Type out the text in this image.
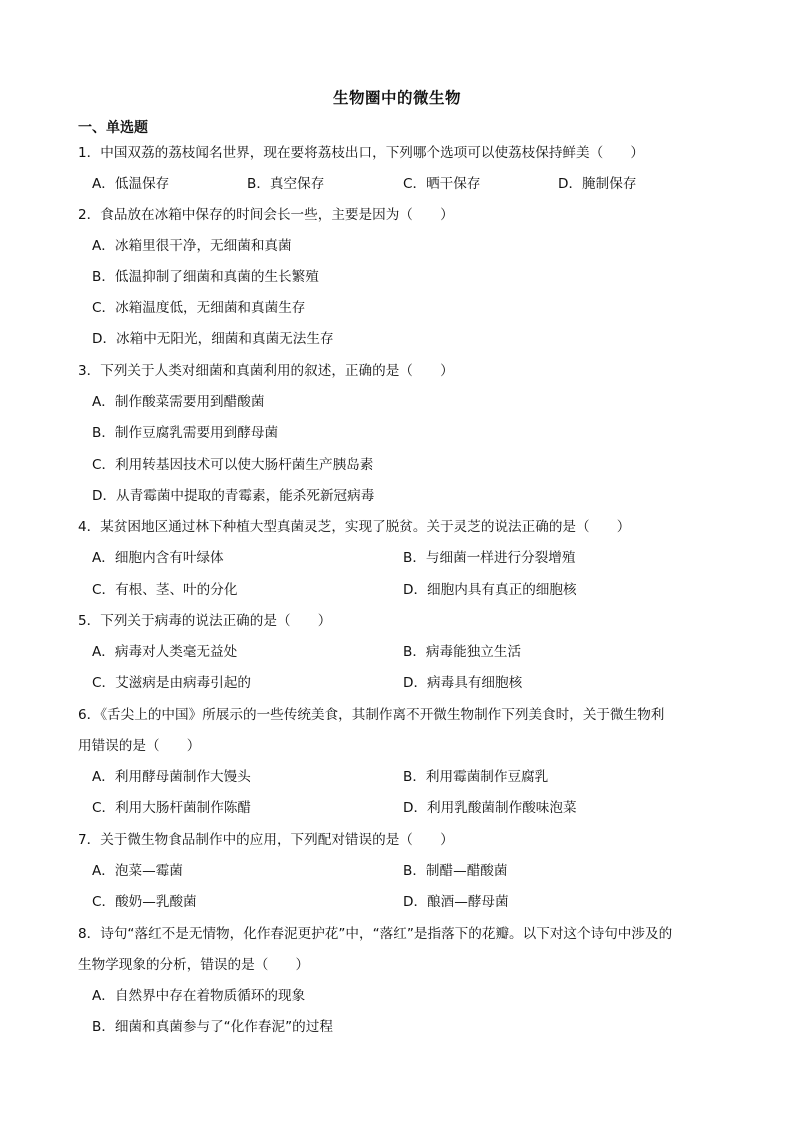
生物圈中的微生物
一、单选题
1．中国双荔的荔枝闻名世界，现在要将荔枝出口，下列哪个选项可以使荔枝保持鲜美（　　）
A．低温保存	B．真空保存	C．晒干保存	D．腌制保存
2．食品放在冰箱中保存的时间会长一些，主要是因为（　　）
A．冰箱里很干净，无细菌和真菌
B．低温抑制了细菌和真菌的生长繁殖
C．冰箱温度低，无细菌和真菌生存
D．冰箱中无阳光，细菌和真菌无法生存
3．下列关于人类对细菌和真菌利用的叙述，正确的是（　　）
A．制作酸菜需要用到醋酸菌
B．制作豆腐乳需要用到酵母菌
C．利用转基因技术可以使大肠杆菌生产胰岛素
D．从青霉菌中提取的青霉素，能杀死新冠病毒
4．某贫困地区通过林下种植大型真菌灵芝，实现了脱贫。关于灵芝的说法正确的是（　　）
A．细胞内含有叶绿体	B．与细菌一样进行分裂增殖
C．有根、茎、叶的分化	D．细胞内具有真正的细胞核
5．下列关于病毒的说法正确的是（　　）
A．病毒对人类毫无益处	B．病毒能独立生活
C．艾滋病是由病毒引起的	D．病毒具有细胞核
6．《舌尖上的中国》所展示的一些传统美食，其制作离不开微生物制作下列美食时，关于微生物利
用错误的是（　　）
A．利用酵母菌制作大馒头	B．利用霉菌制作豆腐乳
C．利用大肠杆菌制作陈醋	D．利用乳酸菌制作酸味泡菜
7．关于微生物食品制作中的应用，下列配对错误的是（　　）
A．泡菜—霉菌	B．制醋—醋酸菌
C．酸奶—乳酸菌	D．酿酒—酵母菌
8．诗句“落红不是无情物，化作春泥更护花”中，“落红”是指落下的花瓣。以下对这个诗句中涉及的
生物学现象的分析，错误的是（　　）
A．自然界中存在着物质循环的现象
B．细菌和真菌参与了“化作春泥”的过程
